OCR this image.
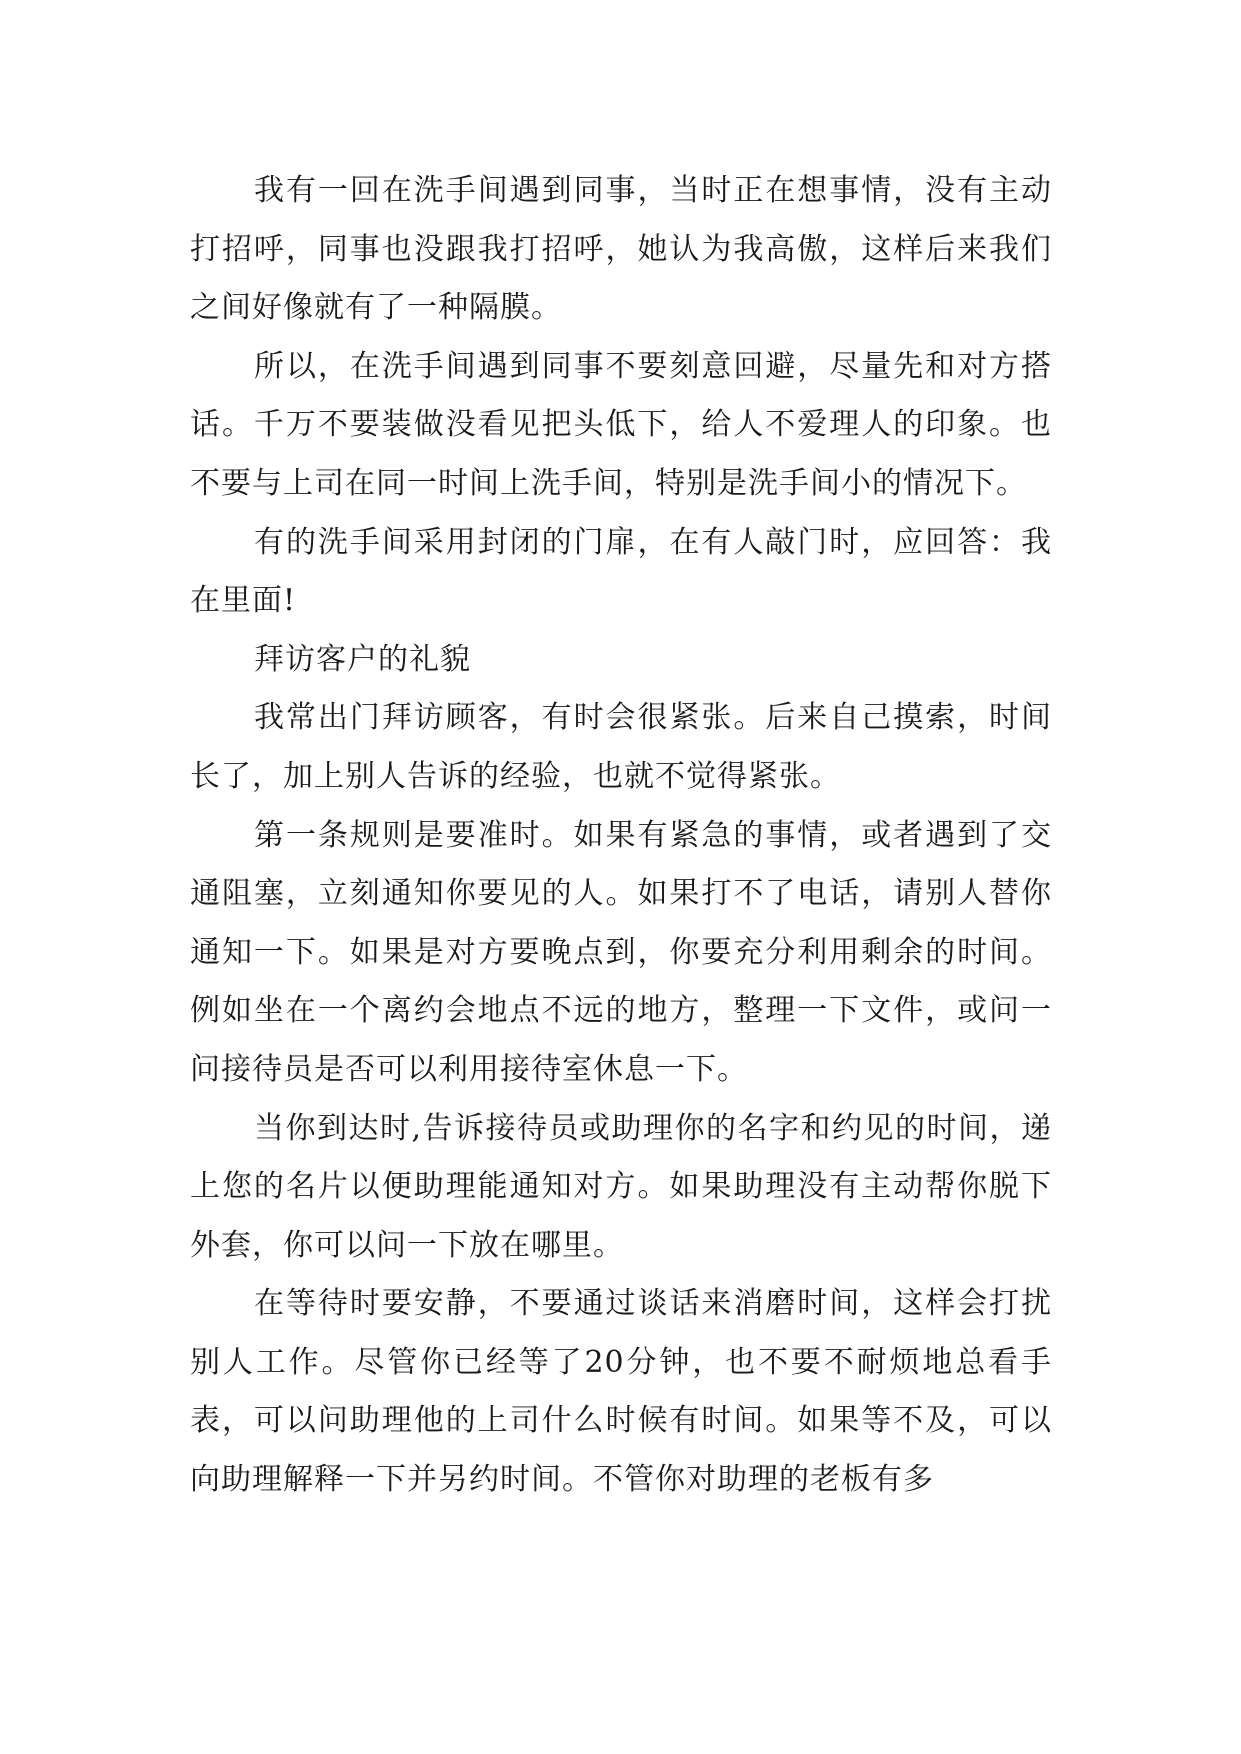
我有一回在洗手间遇到同事，当时正在想事情，没有主动打招呼，同事也没跟我打招呼，她认为我高傲，这样后来我们之间好像就有了一种隔膜。

所以，在洗手间遇到同事不要刻意回避，尽量先和对方搭话。千万不要装做没看见把头低下，给人不爱理人的印象。也不要与上司在同一时间上洗手间，特别是洗手间小的情况下。

有的洗手间采用封闭的门扉，在有人敲门时，应回答：我在里面!

拜访客户的礼貌

我常出门拜访顾客，有时会很紧张。后来自己摸索，时间长了，加上别人告诉的经验，也就不觉得紧张。

第一条规则是要准时。如果有紧急的事情，或者遇到了交通阻塞，立刻通知你要见的人。如果打不了电话，请别人替你通知一下。如果是对方要晚点到，你要充分利用剩余的时间。例如坐在一个离约会地点不远的地方，整理一下文件，或问一问接待员是否可以利用接待室休息一下。

当你到达时,告诉接待员或助理你的名字和约见的时间，递上您的名片以便助理能通知对方。如果助理没有主动帮你脱下外套，你可以问一下放在哪里。

在等待时要安静，不要通过谈话来消磨时间，这样会打扰别人工作。尽管你已经等了20分钟，也不要不耐烦地总看手表，可以问助理他的上司什么时候有时间。如果等不及，可以向助理解释一下并另约时间。不管你对助理的老板有多
